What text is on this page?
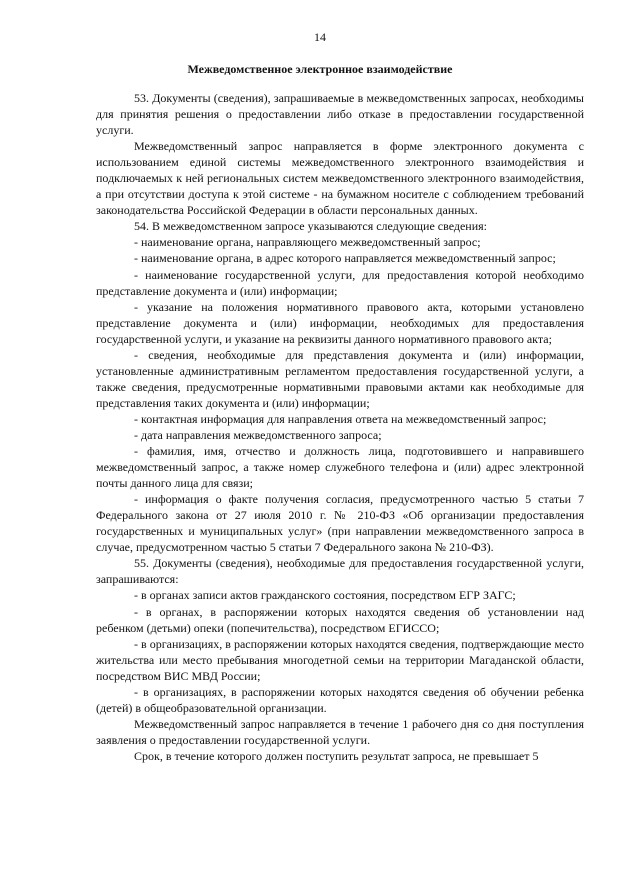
14
Межведомственное электронное взаимодействие

53. Документы (сведения), запрашиваемые в межведомственных запросах, необходимы для принятия решения о предоставлении либо отказе в предоставлении государственной услуги.

Межведомственный запрос направляется в форме электронного документа с использованием единой системы межведомственного электронного взаимодействия и подключаемых к ней региональных систем межведомственного электронного взаимодействия, а при отсутствии доступа к этой системе - на бумажном носителе с соблюдением требований законодательства Российской Федерации в области персональных данных.

54. В межведомственном запросе указываются следующие сведения:

- наименование органа, направляющего межведомственный запрос;

- наименование органа, в адрес которого направляется межведомственный запрос;

- наименование государственной услуги, для предоставления которой необходимо представление документа и (или) информации;

- указание на положения нормативного правового акта, которыми установлено представление документа и (или) информации, необходимых для предоставления государственной услуги, и указание на реквизиты данного нормативного правового акта;

- сведения, необходимые для представления документа и (или) информации, установленные административным регламентом предоставления государственной услуги, а также сведения, предусмотренные нормативными правовыми актами как необходимые для представления таких документа и (или) информации;

- контактная информация для направления ответа на межведомственный запрос;

- дата направления межведомственного запроса;

- фамилия, имя, отчество и должность лица, подготовившего и направившего межведомственный запрос, а также номер служебного телефона и (или) адрес электронной почты данного лица для связи;

- информация о факте получения согласия, предусмотренного частью 5 статьи 7 Федерального закона от 27 июля 2010 г. № 210-ФЗ «Об организации предоставления государственных и муниципальных услуг» (при направлении межведомственного запроса в случае, предусмотренном частью 5 статьи 7 Федерального закона № 210-ФЗ).

55. Документы (сведения), необходимые для предоставления государственной услуги, запрашиваются:

- в органах записи актов гражданского состояния, посредством ЕГР ЗАГС;

- в органах, в распоряжении которых находятся сведения об установлении над ребенком (детьми) опеки (попечительства), посредством ЕГИССО;

- в организациях, в распоряжении которых находятся сведения, подтверждающие место жительства или место пребывания многодетной семьи на территории Магаданской области, посредством ВИС МВД России;

- в организациях, в распоряжении которых находятся сведения об обучении ребенка (детей) в общеобразовательной организации.

Межведомственный запрос направляется в течение 1 рабочего дня со дня поступления заявления о предоставлении государственной услуги.

Срок, в течение которого должен поступить результат запроса, не превышает 5
